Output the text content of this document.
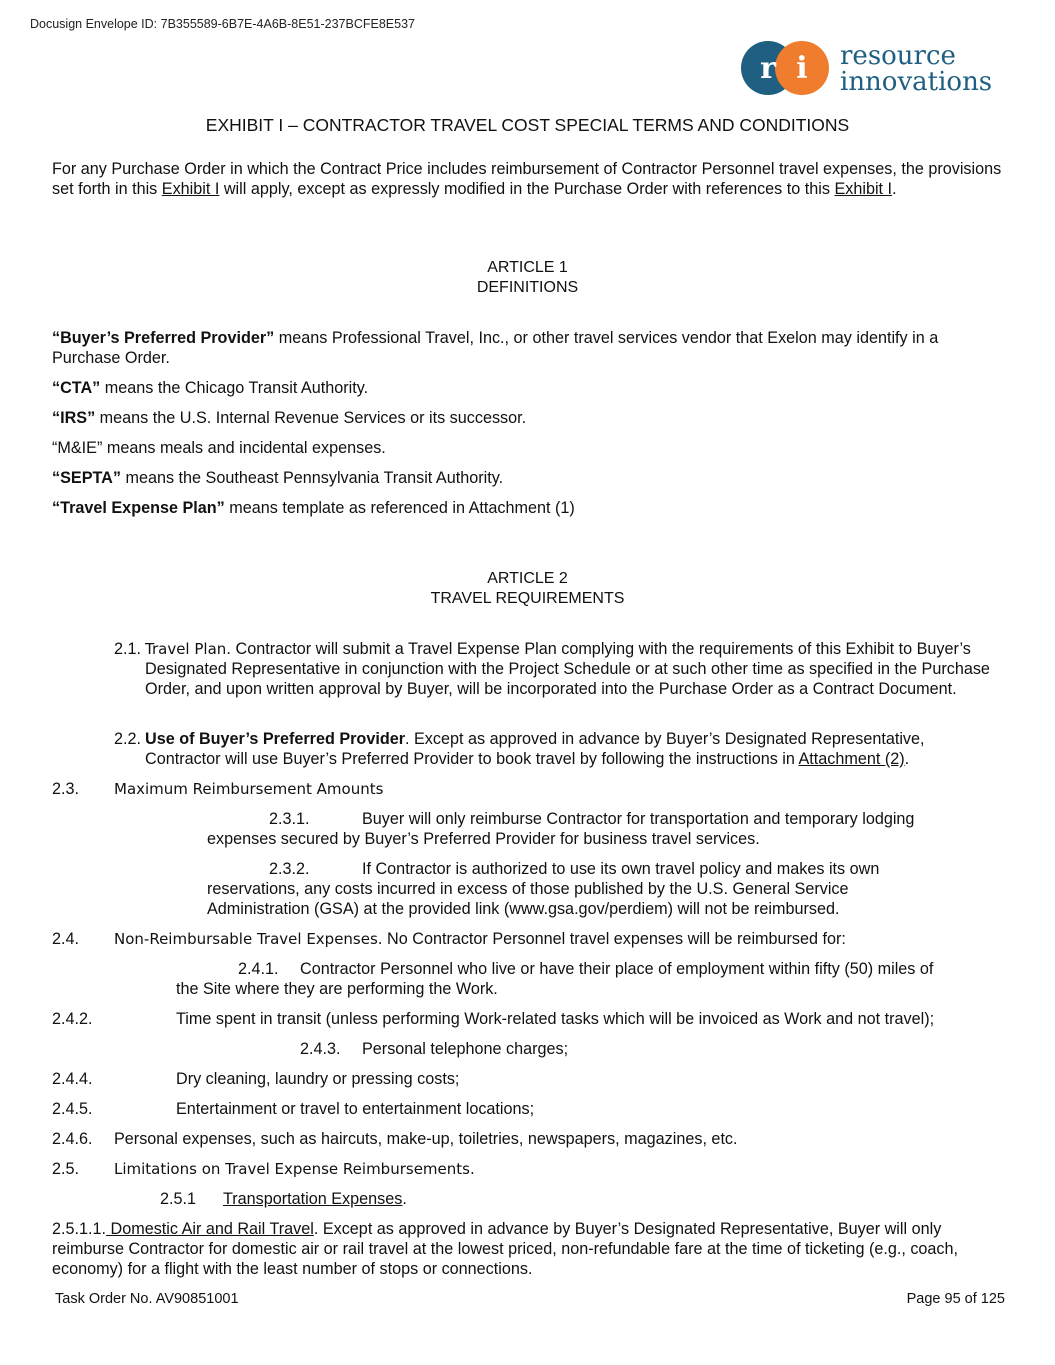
Docusign Envelope ID: 7B355589-6B7E-4A6B-8E51-237BCFE8E537
r i resource
innovations
EXHIBIT I – CONTRACTOR TRAVEL COST SPECIAL TERMS AND CONDITIONS

For any Purchase Order in which the Contract Price includes reimbursement of Contractor Personnel travel expenses, the provisions set forth in this Exhibit I will apply, except as expressly modified in the Purchase Order with references to this Exhibit I.

ARTICLE 1
DEFINITIONS

“Buyer’s Preferred Provider” means Professional Travel, Inc., or other travel services vendor that Exelon may identify in a Purchase Order.

“CTA” means the Chicago Transit Authority.

“IRS” means the U.S. Internal Revenue Services or its successor.

“M&IE” means meals and incidental expenses.

“SEPTA” means the Southeast Pennsylvania Transit Authority.

“Travel Expense Plan” means template as referenced in Attachment (1)

ARTICLE 2
TRAVEL REQUIREMENTS
2.1. Travel Plan. Contractor will submit a Travel Expense Plan complying with the requirements of this Exhibit to Buyer’s Designated Representative in conjunction with the Project Schedule or at such other time as specified in the Purchase Order, and upon written approval by Buyer, will be incorporated into the Purchase Order as a Contract Document.

2.2. Use of Buyer’s Preferred Provider. Except as approved in advance by Buyer’s Designated Representative, Contractor will use Buyer’s Preferred Provider to book travel by following the instructions in Attachment (2).

2.3. Maximum Reimbursement Amounts
2.3.1.	Buyer will only reimburse Contractor for transportation and temporary lodging

expenses secured by Buyer’s Preferred Provider for business travel services.

2.3.2.	If Contractor is authorized to use its own travel policy and makes its own

reservations, any costs incurred in excess of those published by the U.S. General Service Administration (GSA) at the provided link (www.gsa.gov/perdiem) will not be reimbursed.

2.4. Non-Reimbursable Travel Expenses. No Contractor Personnel travel expenses will be reimbursed for:

2.4.1. Contractor Personnel who live or have their place of employment within fifty (50) miles of

the Site where they are performing the Work.

2.4.2.	Time spent in transit (unless performing Work-related tasks which will be invoiced as Work and not travel);
2.4.3. Personal telephone charges;
2.4.4.	Dry cleaning, laundry or pressing costs;
2.4.5.	Entertainment or travel to entertainment locations;
2.4.6. Personal expenses, such as haircuts, make-up, toiletries, newspapers, magazines, etc.
2.5. Limitations on Travel Expense Reimbursements.
2.5.1 Transportation Expenses.

2.5.1.1. Domestic Air and Rail Travel. Except as approved in advance by Buyer’s Designated Representative, Buyer will only reimburse Contractor for domestic air or rail travel at the lowest priced, non-refundable fare at the time of ticketing (e.g., coach, economy) for a flight with the least number of stops or connections.

Task Order No. AV90851001	Page 95 of 125
